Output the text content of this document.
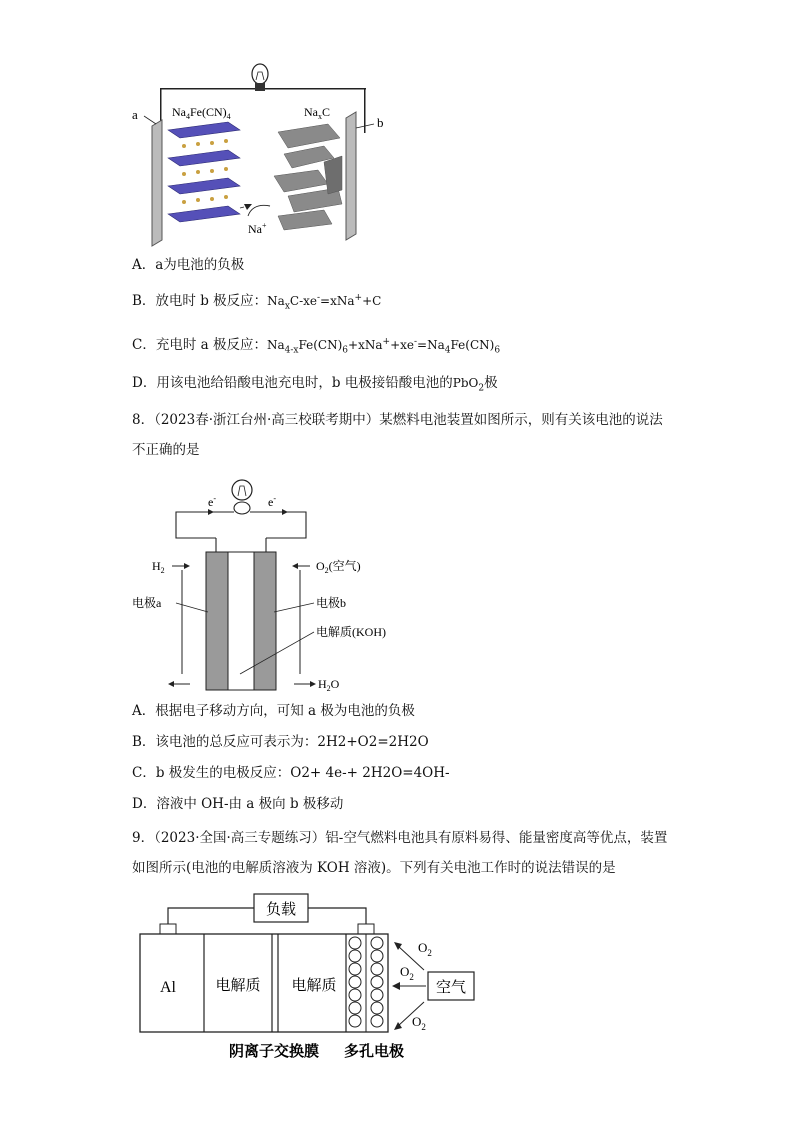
a
b
$Na_4Fe(CN)_4$	$Na_xC$
Na+
A．a为电池的负极
B．放电时 b 极反应：$Na_xC-xe^-=xNa^++C$
C．充电时 a 极反应：$Na_{4-x}Fe(CN)_6+xNa^++xe^-=Na_4Fe(CN)_6$
D．用该电池给铅酸电池充电时，b 电极接铅酸电池的PbO$_2$极
8．（2023春·浙江台州·高三校联考期中）某燃料电池装置如图所示，则有关该电池的说法不正确的是
e-	e-
$H_2$	$O_2$(空气)
$H_2O$
电极a	电极b
电解质(KOH)
A．根据电子移动方向，可知 a 极为电池的负极
B．该电池的总反应可表示为：2H2+O2=2H2O
C．b 极发生的电极反应：O2+ 4e-+ 2H2O=4OH-
D．溶液中 OH-由 a 极向 b 极移动
9．（2023·全国·高三专题练习）铝-空气燃料电池具有原料易得、能量密度高等优点，装置如图所示(电池的电解质溶液为 KOH 溶液)。下列有关电池工作时的说法错误的是
负载
Al	电解质 电解质	空气
$O_2$
$O_2$
$O_2$
阴离子交换膜 多孔电极
